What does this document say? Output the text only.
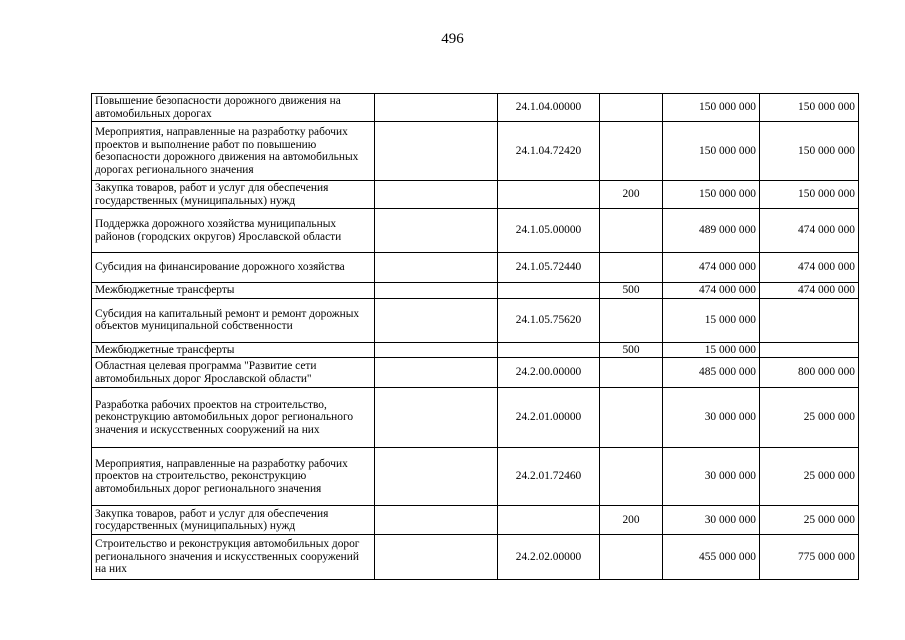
496
Повышение безопасности дорожного движения на автомобильных дорогах		24.1.04.00000		150 000 000	150 000 000
Мероприятия, направленные на разработку рабочих проектов и выполнение работ по повышению безопасности дорожного движения на автомобильных дорогах регионального значения		24.1.04.72420		150 000 000	150 000 000
Закупка товаров, работ и услуг для обеспечения государственных (муниципальных) нужд			200	150 000 000	150 000 000
Поддержка дорожного хозяйства муниципальных районов (городских округов) Ярославской области		24.1.05.00000		489 000 000	474 000 000
Субсидия на финансирование дорожного хозяйства		24.1.05.72440		474 000 000	474 000 000
Межбюджетные трансферты			500	474 000 000	474 000 000
Субсидия на капитальный ремонт и ремонт дорожных объектов муниципальной собственности		24.1.05.75620		15 000 000	
Межбюджетные трансферты			500	15 000 000	
Областная целевая программа "Развитие сети автомобильных дорог Ярославской области"		24.2.00.00000		485 000 000	800 000 000
Разработка рабочих проектов на строительство, реконструкцию автомобильных дорог регионального значения и искусственных сооружений на них		24.2.01.00000		30 000 000	25 000 000
Мероприятия, направленные на разработку рабочих проектов на строительство, реконструкцию автомобильных дорог регионального значения		24.2.01.72460		30 000 000	25 000 000
Закупка товаров, работ и услуг для обеспечения государственных (муниципальных) нужд			200	30 000 000	25 000 000
Строительство и реконструкция автомобильных дорог регионального значения и искусственных сооружений на них		24.2.02.00000		455 000 000	775 000 000
